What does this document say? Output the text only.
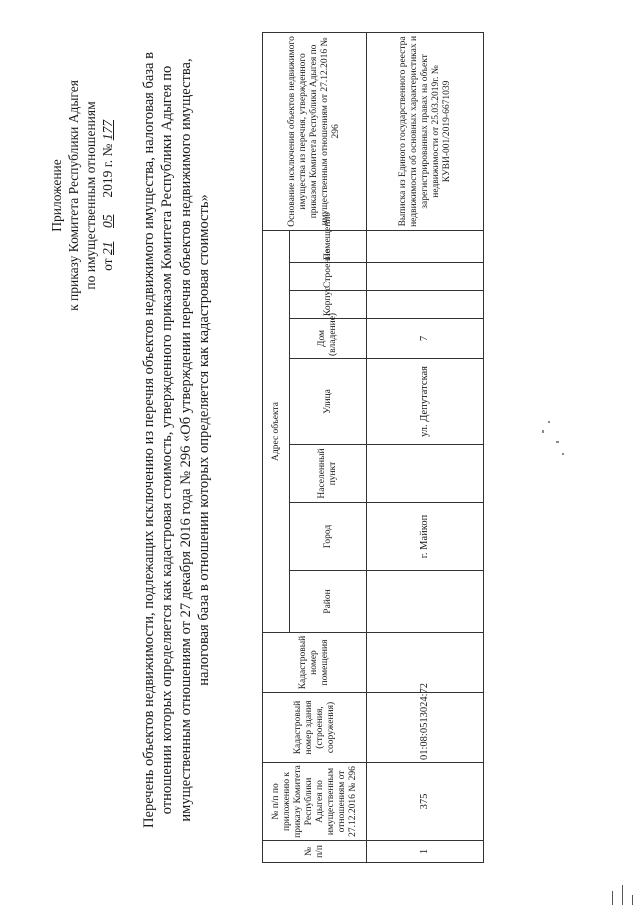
Приложение к приказу Комитета Республики Адыгея по имущественным отношениям от 21    05     2019 г. № 177 Перечень объектов недвижимости, подлежащих исключению из перечня объектов недвижимого имущества, налоговая база в отношении которых определяется как кадастровая стоимость, утвержденного приказом Комитета Республики Адыгея по имущественным отношениям от 27 декабря 2016 года № 296 «Об утверждении перечня объектов недвижимого имущества, налоговая база в отношении которых определяется как кадастровая стоимость»
№ п/п	№ п/п по приложению к приказу Комитета Республики Адыгея по имущественным отношениям от 27.12.2016 № 296	Кадастровый номер здания (строения, сооружения)	Кадастровый номер помещения	Адрес объекта								Основание исключения объектов недвижимого имущества из перечня, утвержденного приказом Комитета Республики Адыгея по имущественным отношениям от 27.12.2016 № 296
				Район	Город	Населенный пункт	Улица	Дом (владение)	Корпус	Строение	Помещение	
1	375	01:08:0513024:72			г. Майкоп		ул. Депутатская	7				Выписка из Единого государственного реестра недвижимости об основных характеристиках и зарегистрированных правах на объект недвижимости от 25.03.2019г. № КУВИ-001/2019-6671039
